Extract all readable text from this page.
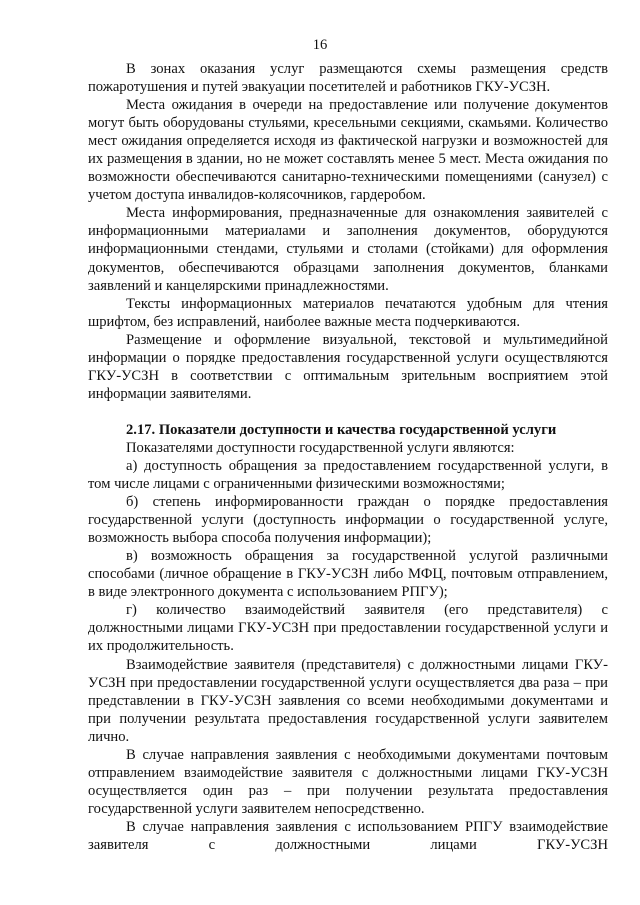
16

В зонах оказания услуг размещаются схемы размещения средств пожаротушения и путей эвакуации посетителей и работников ГКУ-УСЗН.

Места ожидания в очереди на предоставление или получение документов могут быть оборудованы стульями, кресельными секциями, скамьями. Количество мест ожидания определяется исходя из фактической нагрузки и возможностей для их размещения в здании, но не может составлять менее 5 мест. Места ожидания по возможности обеспечиваются санитарно-техническими помещениями (санузел) с учетом доступа инвалидов-колясочников, гардеробом.

Места информирования, предназначенные для ознакомления заявителей с информационными материалами и заполнения документов, оборудуются информационными стендами, стульями и столами (стойками) для оформления документов, обеспечиваются образцами заполнения документов, бланками заявлений и канцелярскими принадлежностями.

Тексты информационных материалов печатаются удобным для чтения шрифтом, без исправлений, наиболее важные места подчеркиваются.

Размещение и оформление визуальной, текстовой и мультимедийной информации о порядке предоставления государственной услуги осуществляются ГКУ-УСЗН в соответствии с оптимальным зрительным восприятием этой информации заявителями.

2.17. Показатели доступности и качества государственной услуги

Показателями доступности государственной услуги являются:

а) доступность обращения за предоставлением государственной услуги, в том числе лицами с ограниченными физическими возможностями;

б) степень информированности граждан о порядке предоставления государственной услуги (доступность информации о государственной услуге, возможность выбора способа получения информации);

в) возможность обращения за государственной услугой различными способами (личное обращение в ГКУ-УСЗН либо МФЦ, почтовым отправлением, в виде электронного документа с использованием РПГУ);

г) количество взаимодействий заявителя (его представителя) с должностными лицами ГКУ-УСЗН при предоставлении государственной услуги и их продолжительность.

Взаимодействие заявителя (представителя) с должностными лицами ГКУ-УСЗН при предоставлении государственной услуги осуществляется два раза – при представлении в ГКУ-УСЗН заявления со всеми необходимыми документами и при получении результата предоставления государственной услуги заявителем лично.

В случае направления заявления с необходимыми документами почтовым отправлением взаимодействие заявителя с должностными лицами ГКУ-УСЗН осуществляется один раз – при получении результата предоставления государственной услуги заявителем непосредственно.

В случае направления заявления с использованием РПГУ взаимодействие заявителя с должностными лицами ГКУ-УСЗН
